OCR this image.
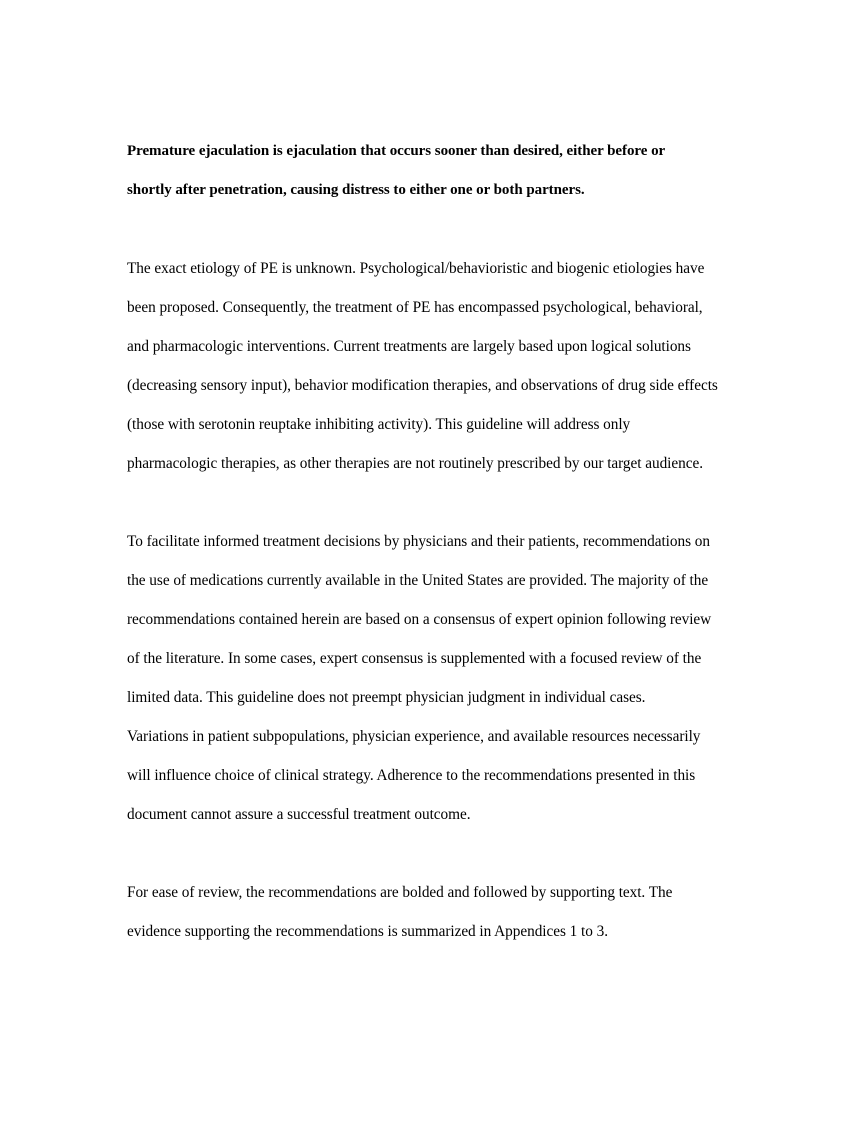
Premature ejaculation is ejaculation that occurs sooner than desired, either before or
shortly after penetration, causing distress to either one or both partners.
The exact etiology of PE is unknown. Psychological/behavioristic and biogenic etiologies have
been proposed. Consequently, the treatment of PE has encompassed psychological, behavioral,
and pharmacologic interventions. Current treatments are largely based upon logical solutions
(decreasing sensory input), behavior modification therapies, and observations of drug side effects
(those with serotonin reuptake inhibiting activity). This guideline will address only
pharmacologic therapies, as other therapies are not routinely prescribed by our target audience.
To facilitate informed treatment decisions by physicians and their patients, recommendations on
the use of medications currently available in the United States are provided. The majority of the
recommendations contained herein are based on a consensus of expert opinion following review
of the literature. In some cases, expert consensus is supplemented with a focused review of the
limited data. This guideline does not preempt physician judgment in individual cases.
Variations in patient subpopulations, physician experience, and available resources necessarily
will influence choice of clinical strategy. Adherence to the recommendations presented in this
document cannot assure a successful treatment outcome.
For ease of review, the recommendations are bolded and followed by supporting text. The
evidence supporting the recommendations is summarized in Appendices 1 to 3.
